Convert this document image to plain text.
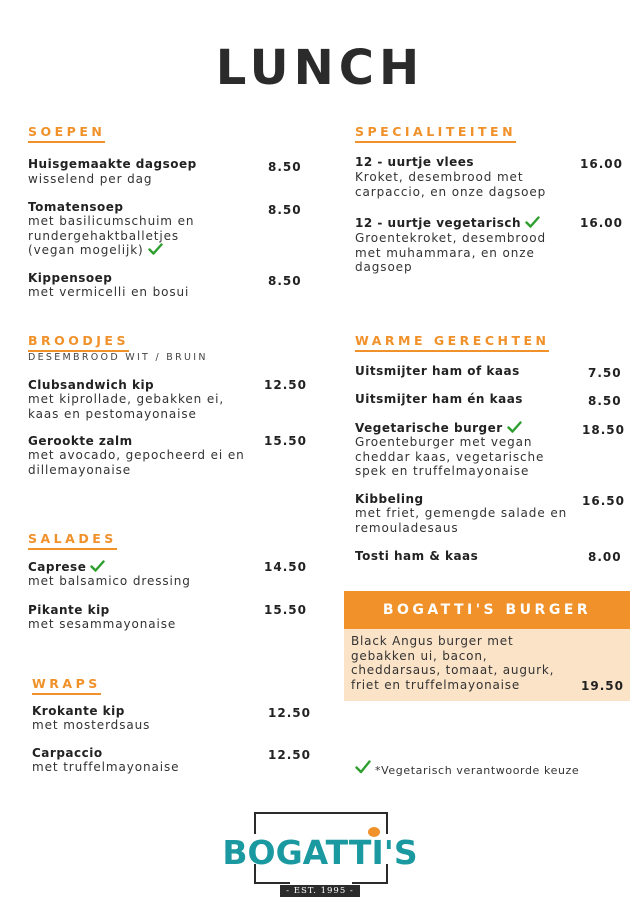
LUNCH
SOEPEN
Huisgemaakte dagsoep
wisselend per dag
8.50
Tomatensoep
met basilicumschuim en rundergehaktballetjes (vegan mogelijk)
8.50
Kippensoep
met vermicelli en bosui
8.50
BROODJES
DESEMBROOD WIT / BRUIN
Clubsandwich kip
met kiprollade, gebakken ei, kaas en pestomayonaise
12.50
Gerookte zalm
met avocado, gepocheerd ei en dillemayonaise
15.50
SALADES
Caprese
met balsamico dressing
14.50
Pikante kip
met sesammayonaise
15.50
WRAPS
Krokante kip
met mosterdsaus
12.50
Carpaccio
met truffelmayonaise
12.50
SPECIALITEITEN
12 - uurtje vlees
Kroket, desembrood met carpaccio, en onze dagsoep
16.00
12 - uurtje vegetarisch
Groentekroket, desembrood met muhammara, en onze dagsoep
16.00
WARME GERECHTEN
Uitsmijter ham of kaas	7.50
Uitsmijter ham én kaas	8.50
Vegetarische burger
Groenteburger met vegan cheddar kaas, vegetarische spek en truffelmayonaise
18.50
Kibbeling
met friet, gemengde salade en remouladesaus
16.50
Tosti ham & kaas	8.00
BOGATTI'S BURGER
Black Angus burger met gebakken ui, bacon, cheddarsaus, tomaat, augurk, friet en truffelmayonaise	19.50
*Vegetarisch verantwoorde keuze
BOGATTI'S
- EST. 1995 -
